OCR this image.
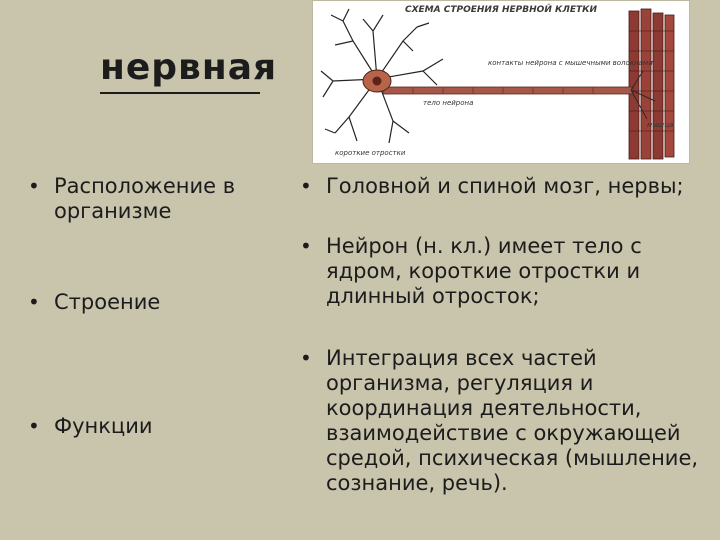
нервная
СХЕМА СТРОЕНИЯ НЕРВНОЙ КЛЕТКИ
контакты нейрона с мышечными волокнами
тело нейрона
мышца
короткие отростки
• Расположение в организме
• Строение
• Функции
• Головной и спиной мозг, нервы;
• Нейрон (н. кл.) имеет тело с ядром, короткие отростки и длинный отросток;
• Интеграция всех частей организма, регуляция и координация деятельности, взаимодействие с окружающей средой, психическая (мышление, сознание, речь).
